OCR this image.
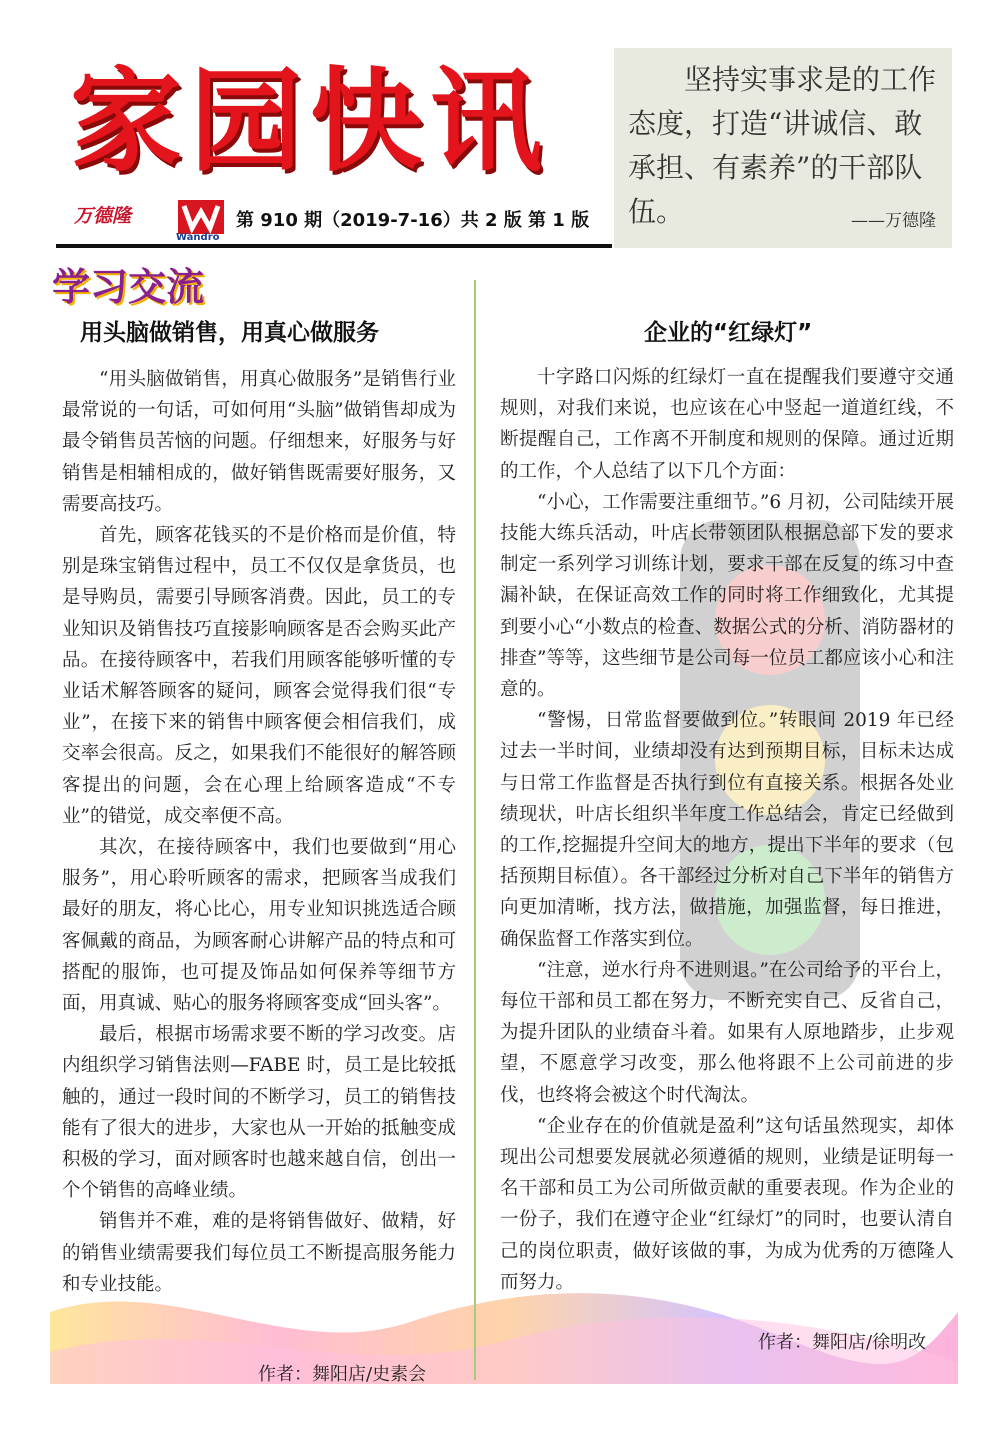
家园快讯
万德隆
Wandro
第 910 期（2019-7-16）共 2 版 第 1 版
坚持实事求是的工作态度，打造“讲诚信、敢承担、有素养”的干部队伍。	——万德隆
学习交流
用头脑做销售，用真心做服务

“用头脑做销售，用真心做服务”是销售行业最常说的一句话，可如何用“头脑”做销售却成为最令销售员苦恼的问题。仔细想来，好服务与好销售是相辅相成的，做好销售既需要好服务，又需要高技巧。

首先，顾客花钱买的不是价格而是价值，特别是珠宝销售过程中，员工不仅仅是拿货员，也是导购员，需要引导顾客消费。因此，员工的专业知识及销售技巧直接影响顾客是否会购买此产品。在接待顾客中，若我们用顾客能够听懂的专业话术解答顾客的疑问，顾客会觉得我们很“专业”，在接下来的销售中顾客便会相信我们，成交率会很高。反之，如果我们不能很好的解答顾客提出的问题，会在心理上给顾客造成“不专业”的错觉，成交率便不高。

其次，在接待顾客中，我们也要做到“用心服务”，用心聆听顾客的需求，把顾客当成我们最好的朋友，将心比心，用专业知识挑选适合顾客佩戴的商品，为顾客耐心讲解产品的特点和可搭配的服饰，也可提及饰品如何保养等细节方面，用真诚、贴心的服务将顾客变成“回头客”。

最后，根据市场需求要不断的学习改变。店内组织学习销售法则—FABE 时，员工是比较抵触的，通过一段时间的不断学习，员工的销售技能有了很大的进步，大家也从一开始的抵触变成积极的学习，面对顾客时也越来越自信，创出一个个销售的高峰业绩。

销售并不难，难的是将销售做好、做精，好的销售业绩需要我们每位员工不断提高服务能力和专业技能。

作者：舞阳店/史素会
企业的“红绿灯”

十字路口闪烁的红绿灯一直在提醒我们要遵守交通规则，对我们来说，也应该在心中竖起一道道红线，不断提醒自己，工作离不开制度和规则的保障。通过近期的工作，个人总结了以下几个方面：

“小心，工作需要注重细节。”6 月初，公司陆续开展技能大练兵活动，叶店长带领团队根据总部下发的要求制定一系列学习训练计划，要求干部在反复的练习中查漏补缺，在保证高效工作的同时将工作细致化，尤其提到要小心“小数点的检查、数据公式的分析、消防器材的排查”等等，这些细节是公司每一位员工都应该小心和注意的。

“警惕，日常监督要做到位。”转眼间 2019 年已经过去一半时间，业绩却没有达到预期目标，目标未达成与日常工作监督是否执行到位有直接关系。根据各处业绩现状，叶店长组织半年度工作总结会，肯定已经做到的工作,挖掘提升空间大的地方，提出下半年的要求（包括预期目标值）。各干部经过分析对自己下半年的销售方向更加清晰，找方法，做措施，加强监督，每日推进，确保监督工作落实到位。

“注意，逆水行舟不进则退。”在公司给予的平台上，每位干部和员工都在努力，不断充实自己、反省自己，为提升团队的业绩奋斗着。如果有人原地踏步，止步观望，不愿意学习改变，那么他将跟不上公司前进的步伐，也终将会被这个时代淘汰。

“企业存在的价值就是盈利”这句话虽然现实，却体现出公司想要发展就必须遵循的规则，业绩是证明每一名干部和员工为公司所做贡献的重要表现。作为企业的一份子，我们在遵守企业“红绿灯”的同时，也要认清自己的岗位职责，做好该做的事，为成为优秀的万德隆人而努力。

作者：舞阳店/徐明改
